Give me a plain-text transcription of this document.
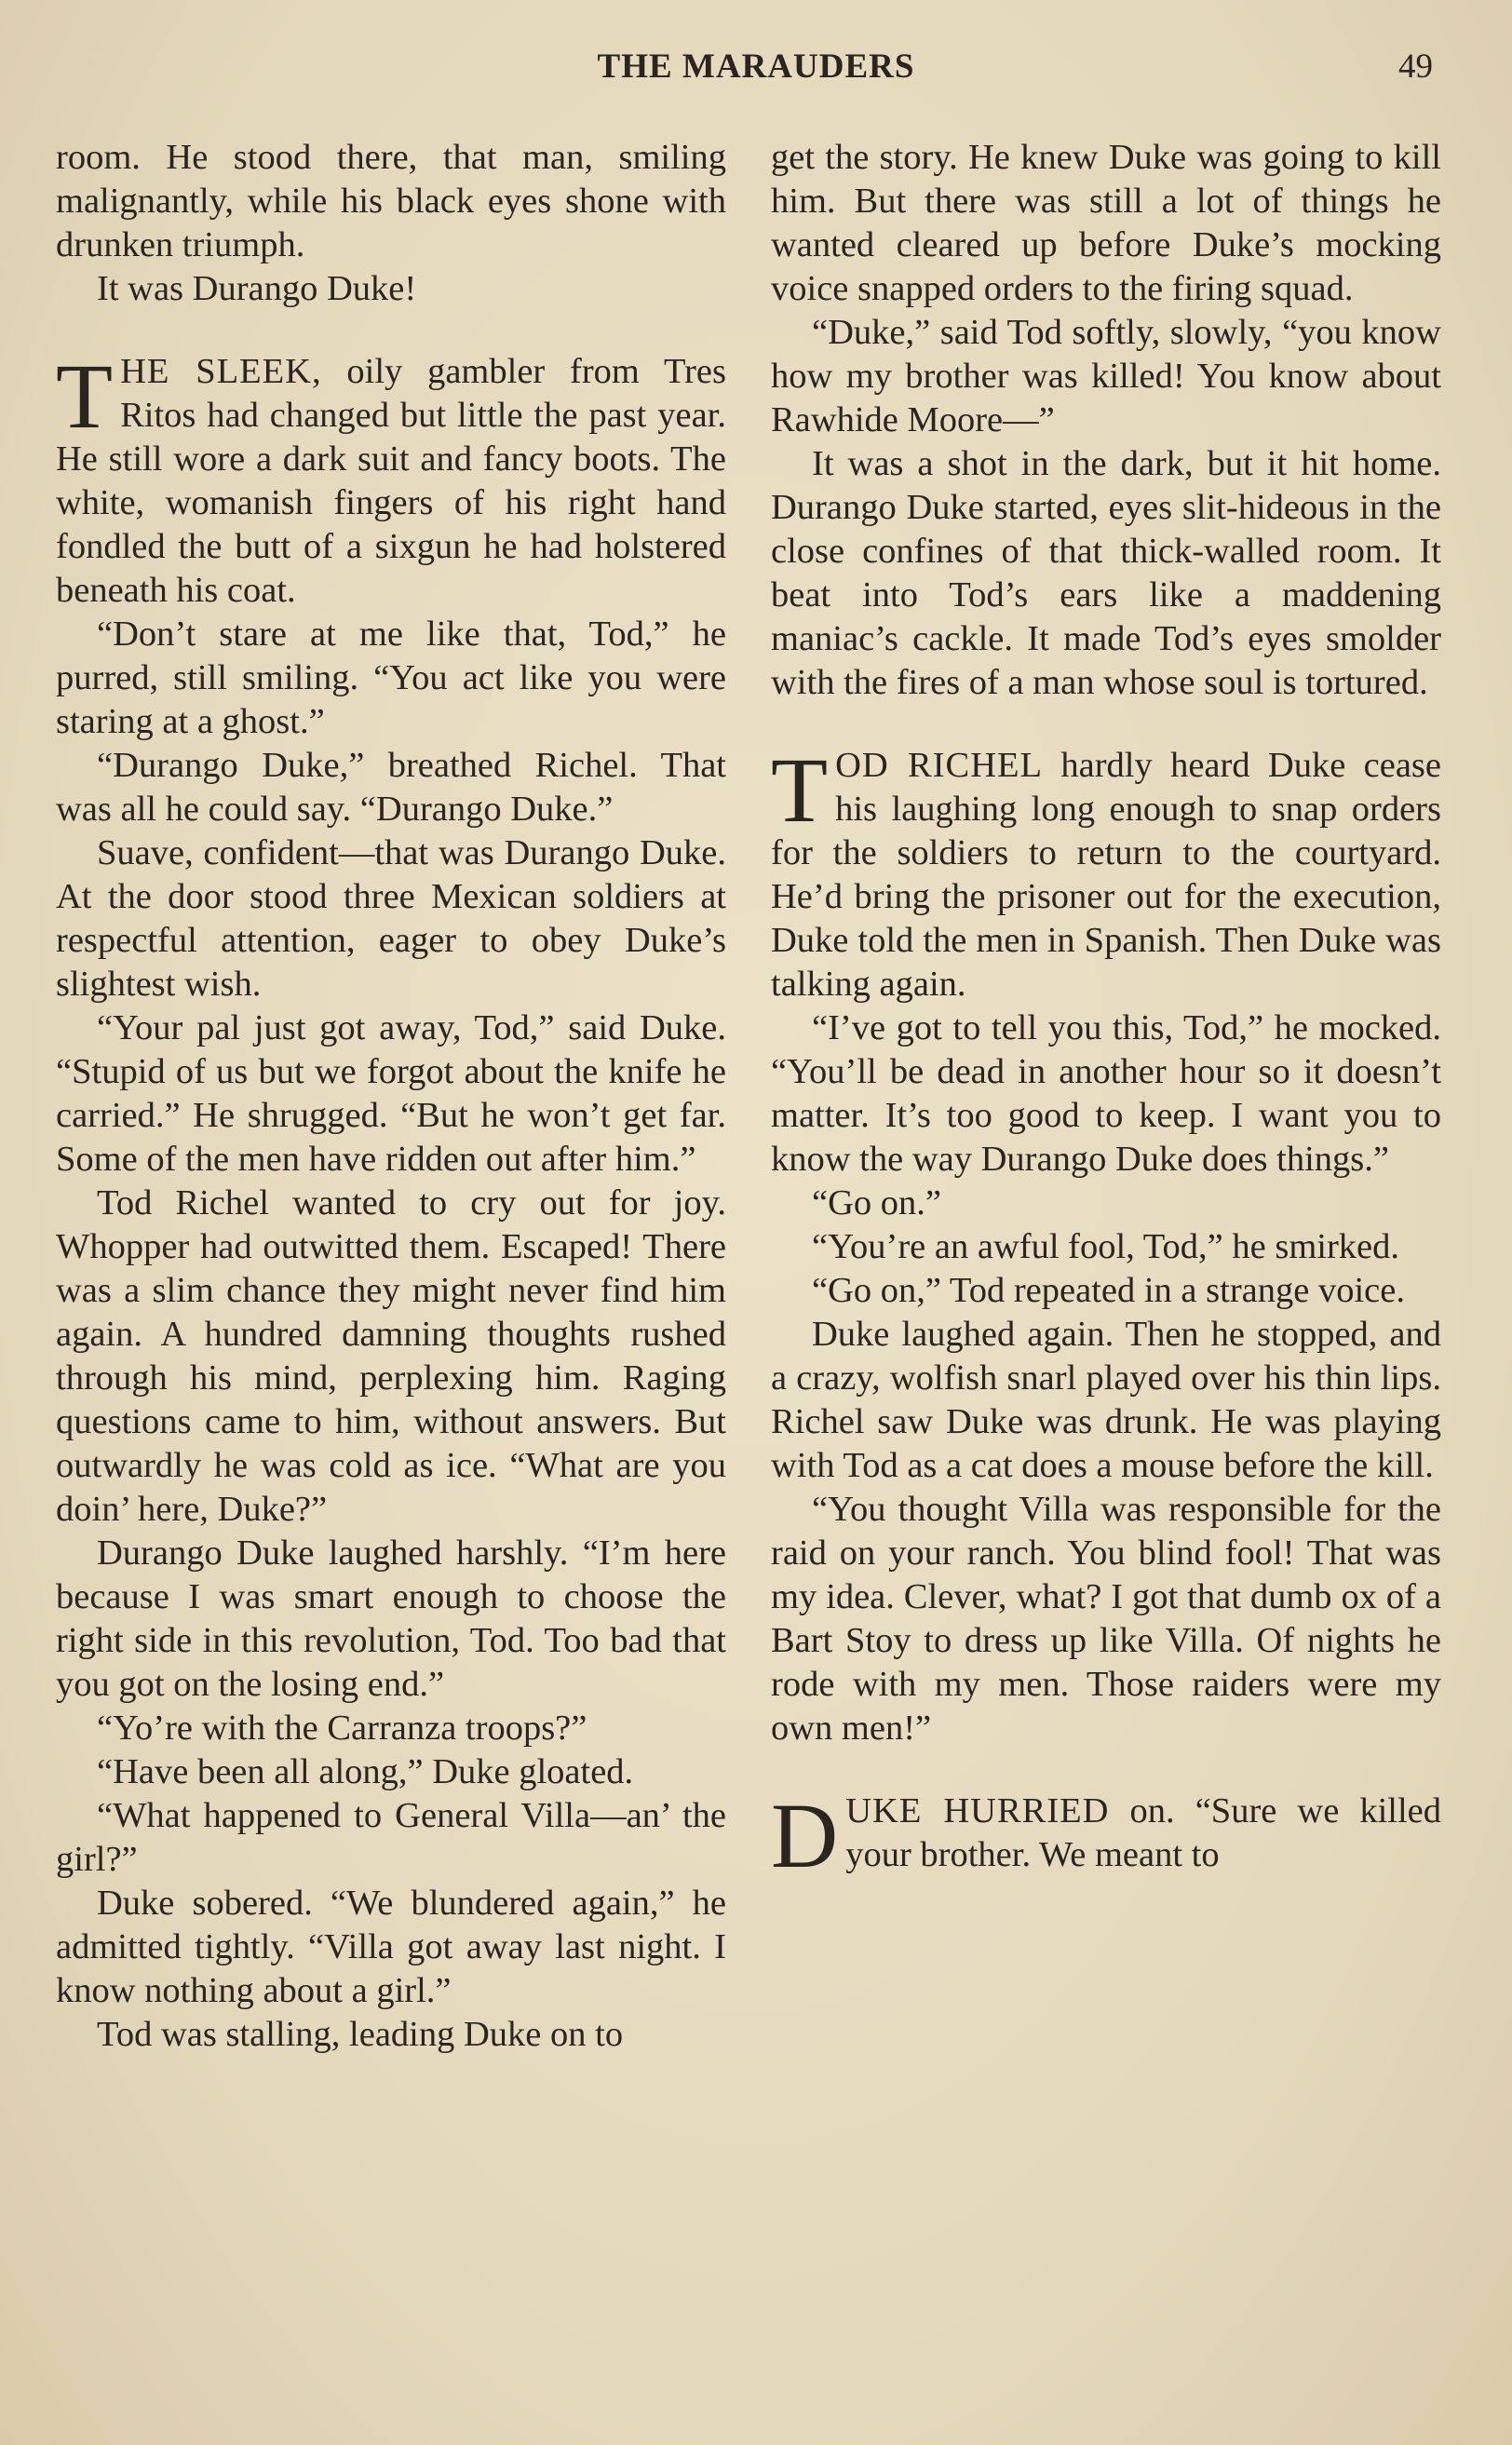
THE MARAUDERS	49

room. He stood there, that man, smiling malignantly, while his black eyes shone with drunken triumph.

It was Durango Duke!

THE SLEEK, oily gambler from Tres Ritos had changed but little the past year. He still wore a dark suit and fancy boots. The white, womanish fingers of his right hand fondled the butt of a sixgun he had holstered beneath his coat.

“Don’t stare at me like that, Tod,” he purred, still smiling. “You act like you were staring at a ghost.”

“Durango Duke,” breathed Richel. That was all he could say. “Durango Duke.”

Suave, confident—that was Durango Duke. At the door stood three Mexican soldiers at respectful attention, eager to obey Duke’s slightest wish.

“Your pal just got away, Tod,” said Duke. “Stupid of us but we forgot about the knife he carried.” He shrugged. “But he won’t get far. Some of the men have ridden out after him.”

Tod Richel wanted to cry out for joy. Whopper had outwitted them. Escaped! There was a slim chance they might never find him again. A hundred damning thoughts rushed through his mind, perplexing him. Raging questions came to him, without answers. But outwardly he was cold as ice. “What are you doin’ here, Duke?”

Durango Duke laughed harshly. “I’m here because I was smart enough to choose the right side in this revolution, Tod. Too bad that you got on the losing end.”

“Yo’re with the Carranza troops?”

“Have been all along,” Duke gloated.

“What happened to General Villa—an’ the girl?”

Duke sobered. “We blundered again,” he admitted tightly. “Villa got away last night. I know nothing about a girl.”

Tod was stalling, leading Duke on to

get the story. He knew Duke was going to kill him. But there was still a lot of things he wanted cleared up before Duke’s mocking voice snapped orders to the firing squad.

“Duke,” said Tod softly, slowly, “you know how my brother was killed! You know about Rawhide Moore—”

It was a shot in the dark, but it hit home. Durango Duke started, eyes slit-hideous in the close confines of that thick-walled room. It beat into Tod’s ears like a maddening maniac’s cackle. It made Tod’s eyes smolder with the fires of a man whose soul is tortured.

TOD RICHEL hardly heard Duke cease his laughing long enough to snap orders for the soldiers to return to the courtyard. He’d bring the prisoner out for the execution, Duke told the men in Spanish. Then Duke was talking again.

“I’ve got to tell you this, Tod,” he mocked. “You’ll be dead in another hour so it doesn’t matter. It’s too good to keep. I want you to know the way Durango Duke does things.”

“Go on.”

“You’re an awful fool, Tod,” he smirked.

“Go on,” Tod repeated in a strange voice.

Duke laughed again. Then he stopped, and a crazy, wolfish snarl played over his thin lips. Richel saw Duke was drunk. He was playing with Tod as a cat does a mouse before the kill.

“You thought Villa was responsible for the raid on your ranch. You blind fool! That was my idea. Clever, what? I got that dumb ox of a Bart Stoy to dress up like Villa. Of nights he rode with my men. Those raiders were my own men!”

DUKE HURRIED on. “Sure we killed your brother. We meant to
